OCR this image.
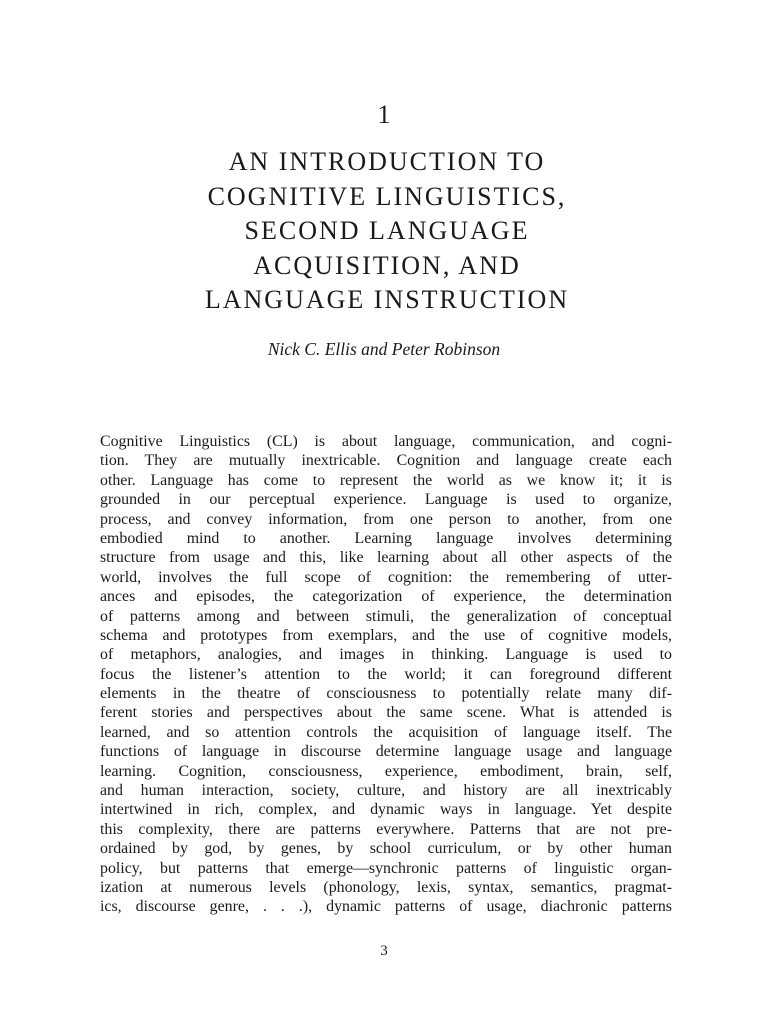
1
AN INTRODUCTION TO
COGNITIVE LINGUISTICS,
SECOND LANGUAGE
ACQUISITION, AND
LANGUAGE INSTRUCTION
Nick C. Ellis and Peter Robinson
Cognitive Linguistics (CL) is about language, communication, and cogni-
tion. They are mutually inextricable. Cognition and language create each
other. Language has come to represent the world as we know it; it is
grounded in our perceptual experience. Language is used to organize,
process, and convey information, from one person to another, from one
embodied mind to another. Learning language involves determining
structure from usage and this, like learning about all other aspects of the
world, involves the full scope of cognition: the remembering of utter-
ances and episodes, the categorization of experience, the determination
of patterns among and between stimuli, the generalization of conceptual
schema and prototypes from exemplars, and the use of cognitive models,
of metaphors, analogies, and images in thinking. Language is used to
focus the listener’s attention to the world; it can foreground different
elements in the theatre of consciousness to potentially relate many dif-
ferent stories and perspectives about the same scene. What is attended is
learned, and so attention controls the acquisition of language itself. The
functions of language in discourse determine language usage and language
learning. Cognition, consciousness, experience, embodiment, brain, self,
and human interaction, society, culture, and history are all inextricably
intertwined in rich, complex, and dynamic ways in language. Yet despite
this complexity, there are patterns everywhere. Patterns that are not pre-
ordained by god, by genes, by school curriculum, or by other human
policy, but patterns that emerge—synchronic patterns of linguistic organ-
ization at numerous levels (phonology, lexis, syntax, semantics, pragmat-
ics, discourse genre, . . .), dynamic patterns of usage, diachronic patterns
3
